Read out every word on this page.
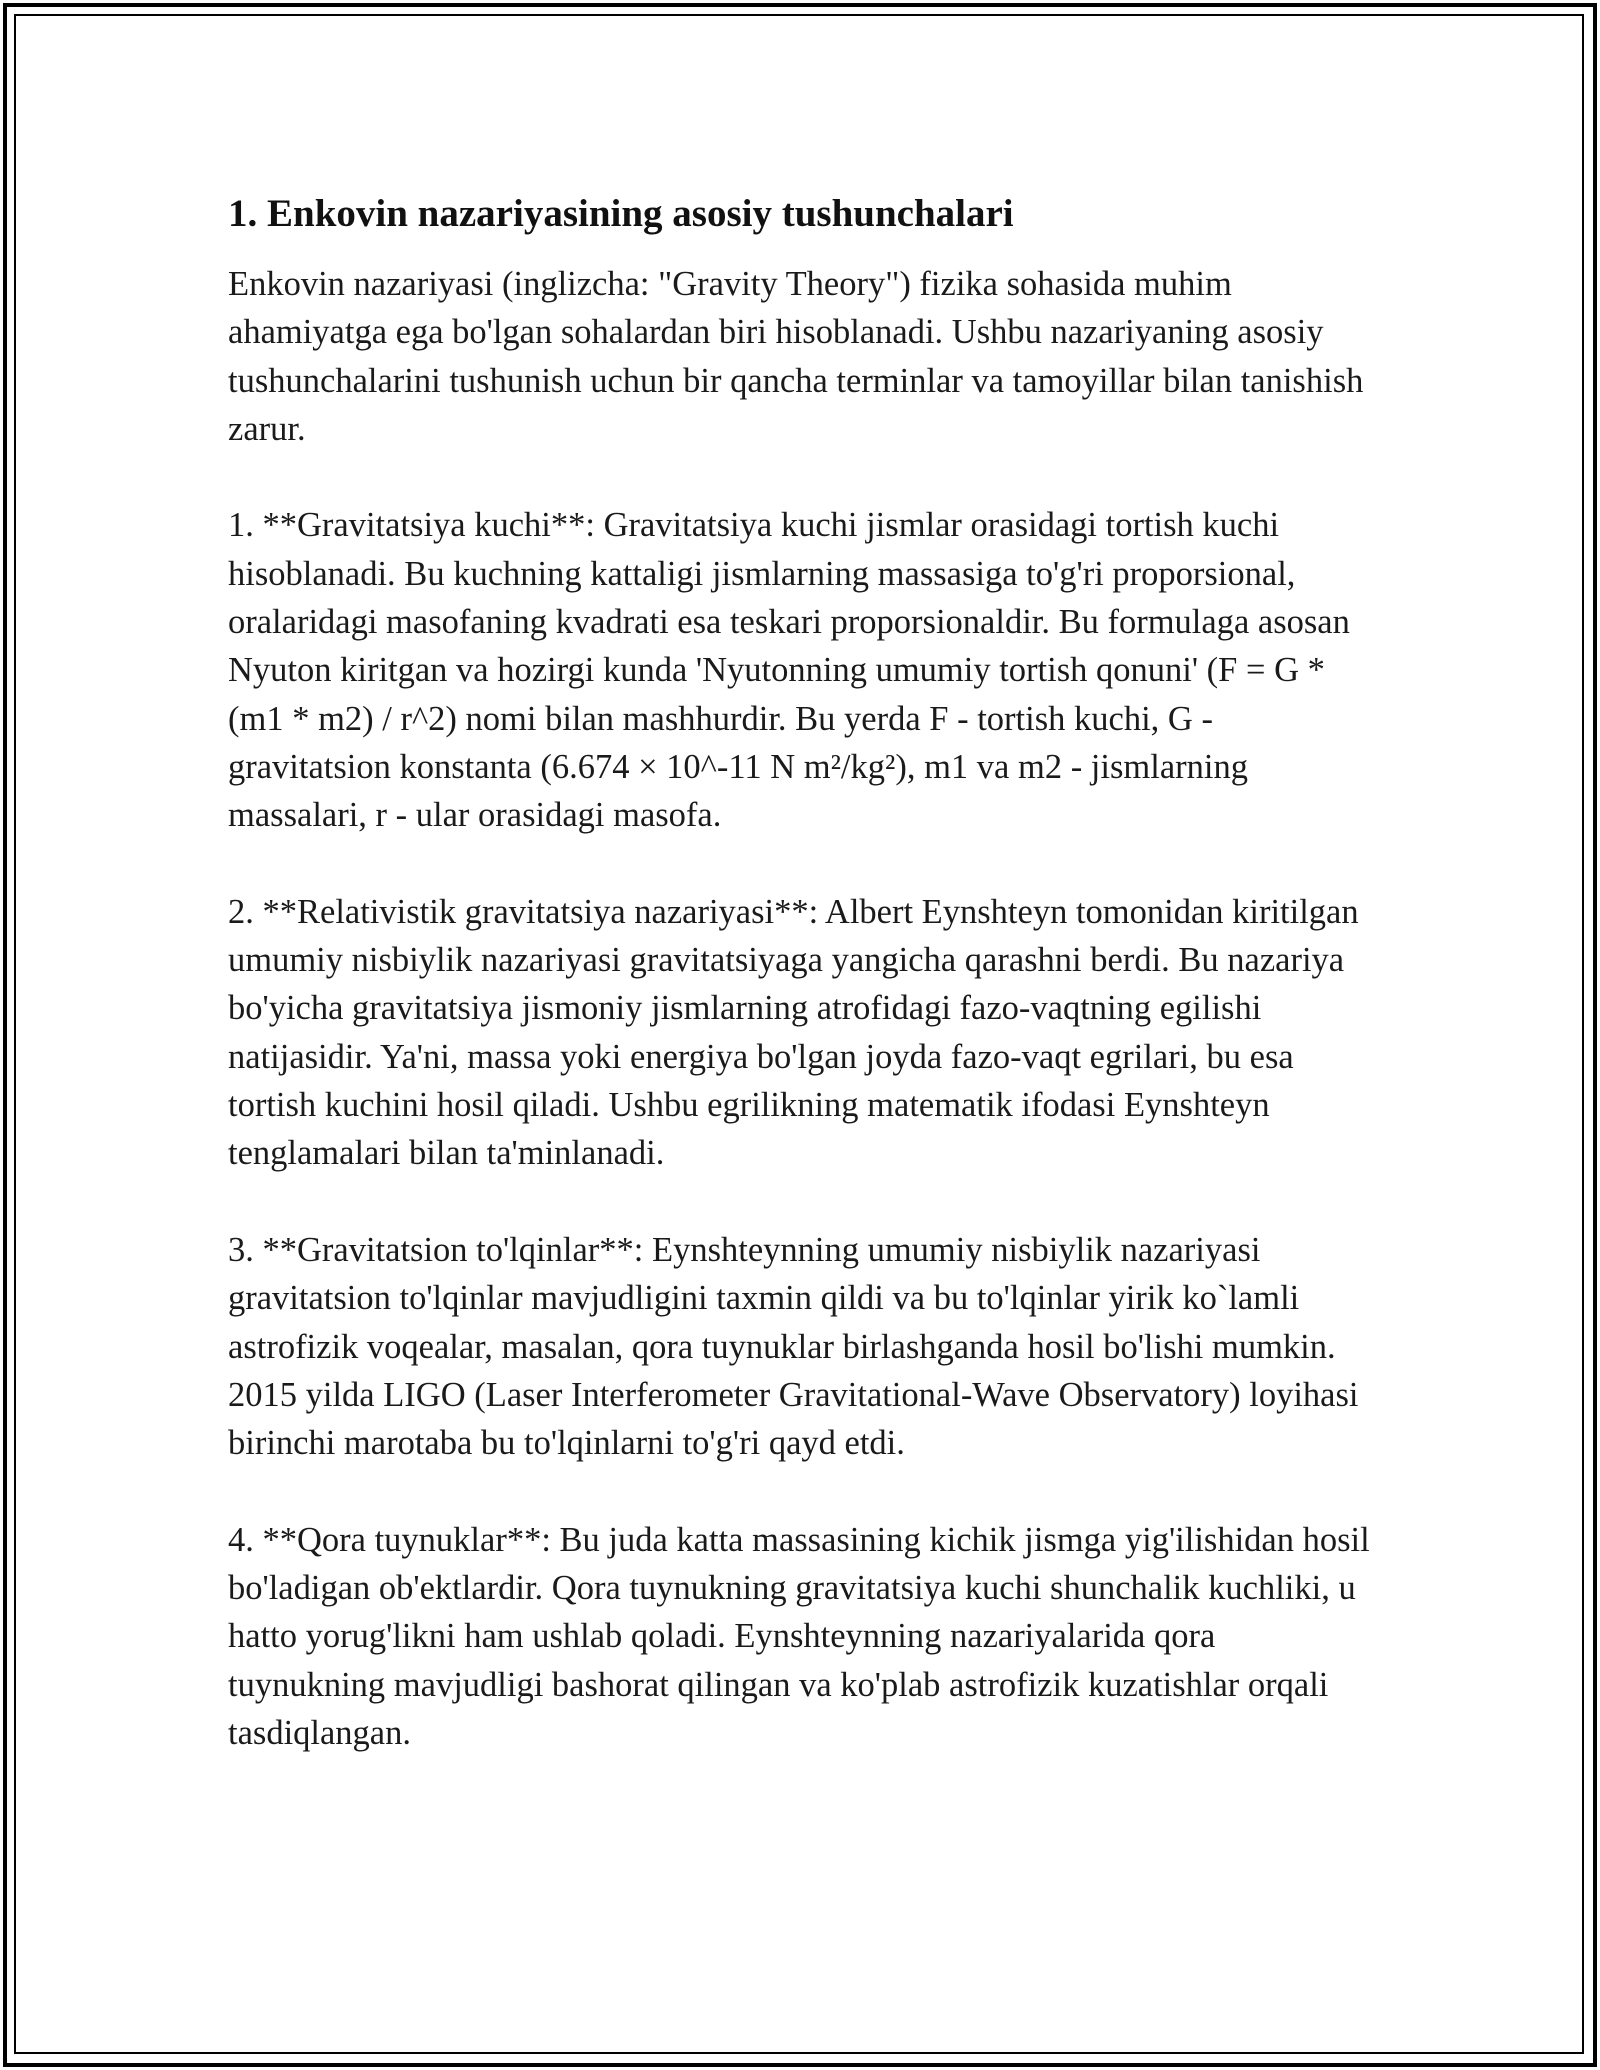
1. Enkovin nazariyasining asosiy tushunchalari

Enkovin nazariyasi (inglizcha: "Gravity Theory") fizika sohasida muhim ahamiyatga ega bo'lgan sohalardan biri hisoblanadi. Ushbu nazariyaning asosiy tushunchalarini tushunish uchun bir qancha terminlar va tamoyillar bilan tanishish zarur.

1. **Gravitatsiya kuchi**: Gravitatsiya kuchi jismlar orasidagi tortish kuchi hisoblanadi. Bu kuchning kattaligi jismlarning massasiga to'g'ri proporsional, oralaridagi masofaning kvadrati esa teskari proporsionaldir. Bu formulaga asosan Nyuton kiritgan va hozirgi kunda 'Nyutonning umumiy tortish qonuni' (F = G * (m1 * m2) / r^2) nomi bilan mashhurdir. Bu yerda F - tortish kuchi, G - gravitatsion konstanta (6.674 × 10^-11 N m²/kg²), m1 va m2 - jismlarning massalari, r - ular orasidagi masofa.

2. **Relativistik gravitatsiya nazariyasi**: Albert Eynshteyn tomonidan kiritilgan umumiy nisbiylik nazariyasi gravitatsiyaga yangicha qarashni berdi. Bu nazariya bo'yicha gravitatsiya jismoniy jismlarning atrofidagi fazo-vaqtning egilishi natijasidir. Ya'ni, massa yoki energiya bo'lgan joyda fazo-vaqt egrilari, bu esa tortish kuchini hosil qiladi. Ushbu egrilikning matematik ifodasi Eynshteyn tenglamalari bilan ta'minlanadi.

3. **Gravitatsion to'lqinlar**: Eynshteynning umumiy nisbiylik nazariyasi gravitatsion to'lqinlar mavjudligini taxmin qildi va bu to'lqinlar yirik ko`lamli astrofizik voqealar, masalan, qora tuynuklar birlashganda hosil bo'lishi mumkin. 2015 yilda LIGO (Laser Interferometer Gravitational-Wave Observatory) loyihasi birinchi marotaba bu to'lqinlarni to'g'ri qayd etdi.

4. **Qora tuynuklar**: Bu juda katta massasining kichik jismga yig'ilishidan hosil bo'ladigan ob'ektlardir. Qora tuynukning gravitatsiya kuchi shunchalik kuchliki, u hatto yorug'likni ham ushlab qoladi. Eynshteynning nazariyalarida qora tuynukning mavjudligi bashorat qilingan va ko'plab astrofizik kuzatishlar orqali tasdiqlangan.
